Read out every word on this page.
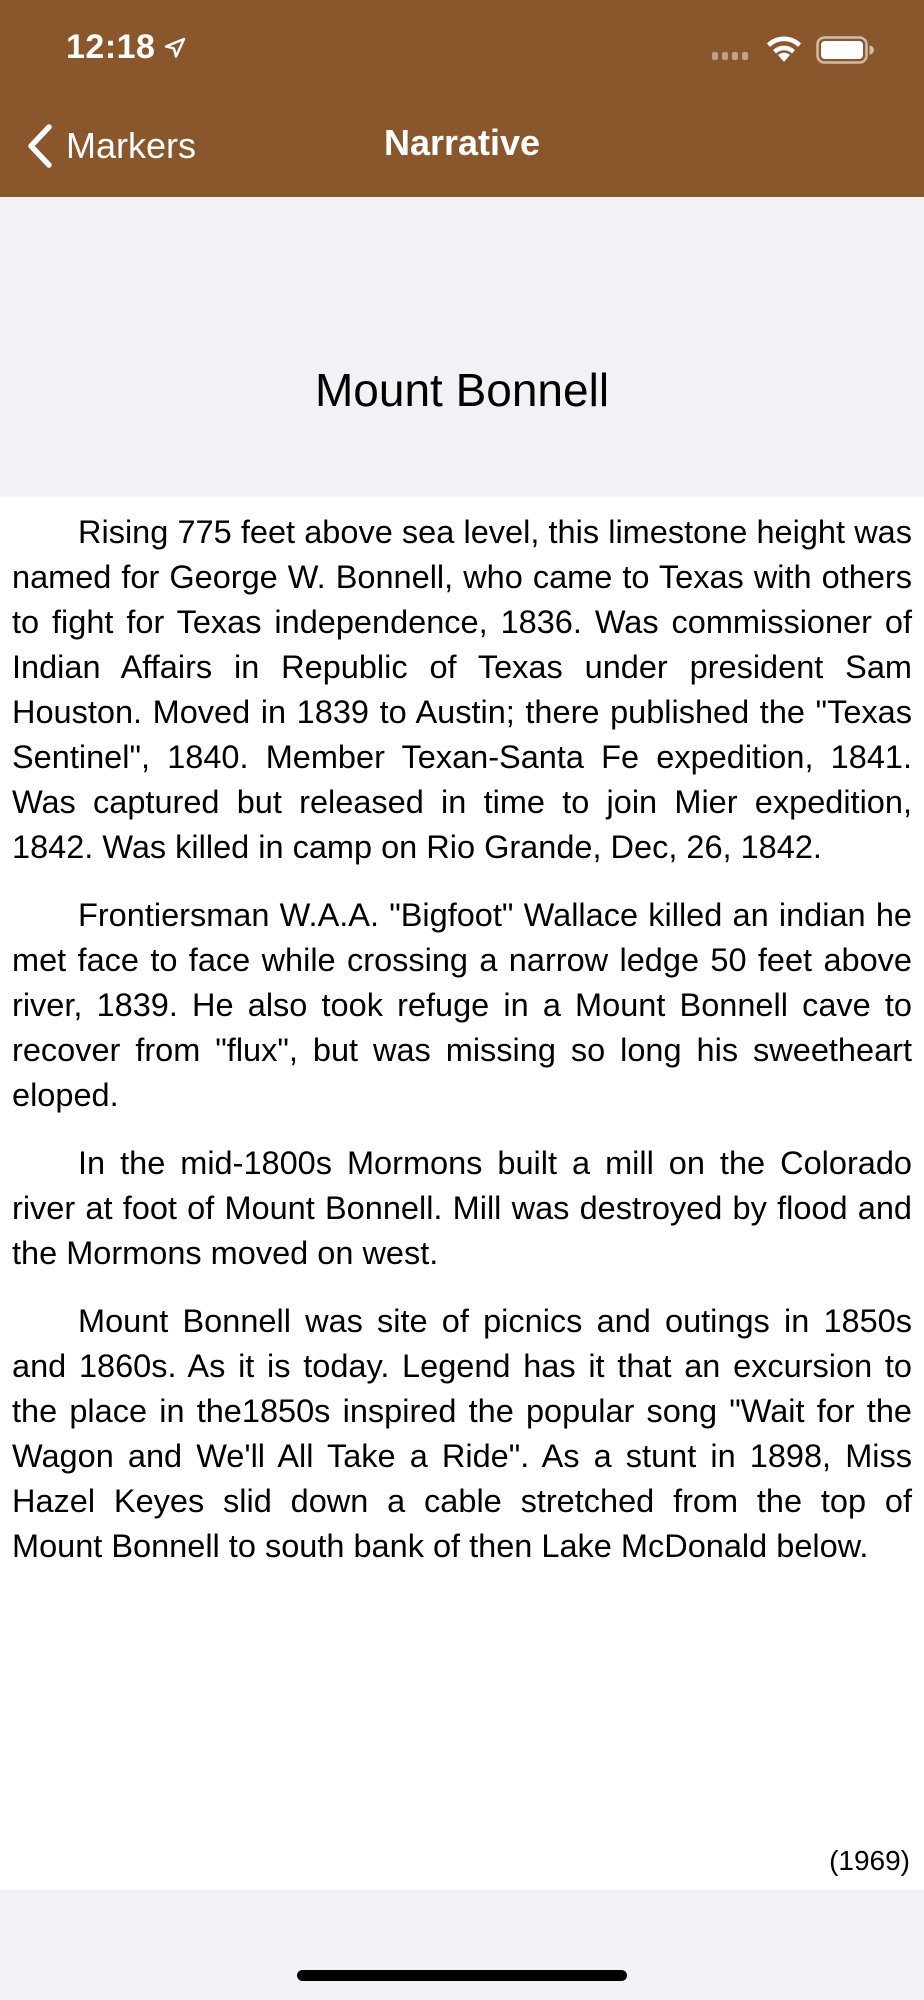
12:18
Markers	Narrative
Mount Bonnell

Rising 775 feet above sea level, this limestone height was named for George W. Bonnell, who came to Texas with others to fight for Texas independence, 1836. Was commissioner of Indian Affairs in Republic of Texas under president Sam Houston. Moved in 1839 to Austin; there published the "Texas Sentinel", 1840. Member Texan-Santa Fe expedition, 1841. Was captured but released in time to join Mier expedition, 1842. Was killed in camp on Rio Grande, Dec, 26, 1842.

Frontiersman W.A.A. "Bigfoot" Wallace killed an indian he met face to face while crossing a narrow ledge 50 feet above river, 1839. He also took refuge in a Mount Bonnell cave to recover from "flux", but was missing so long his sweetheart eloped.

In the mid-1800s Mormons built a mill on the Colorado river at foot of Mount Bonnell. Mill was destroyed by flood and the Mormons moved on west.

Mount Bonnell was site of picnics and outings in 1850s and 1860s. As it is today. Legend has it that an excursion to the place in the1850s inspired the popular song "Wait for the Wagon and We'll All Take a Ride". As a stunt in 1898, Miss Hazel Keyes slid down a cable stretched from the top of Mount Bonnell to south bank of then Lake McDonald below.

(1969)
